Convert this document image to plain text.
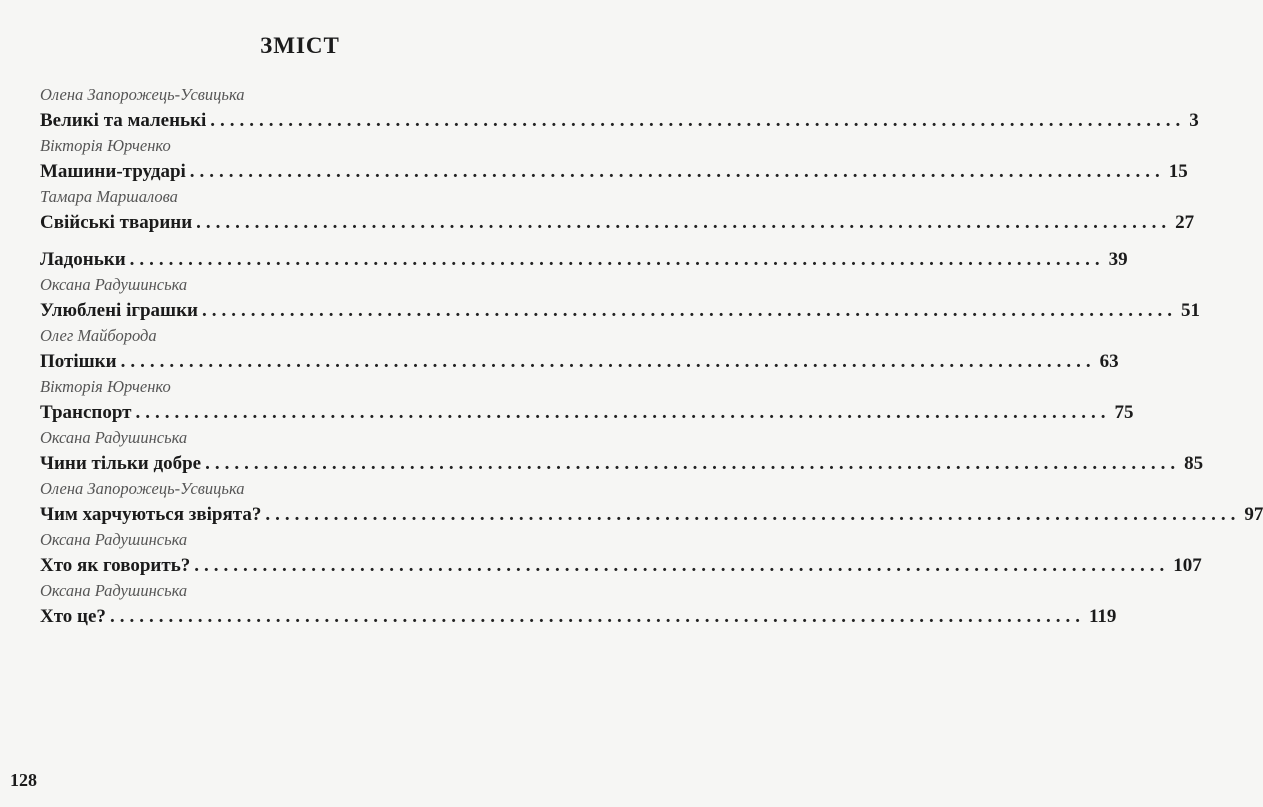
ЗМІСТ
Олена Запорожець-Усвицька
Великі та маленькі .................................................................................................... 3
Вікторія Юрченко
Машини-трударі .................................................................................................... 15
Тамара Маршалова
Свійські тварини .................................................................................................... 27
Ладоньки .................................................................................................... 39
Оксана Радушинська
Улюблені іграшки .................................................................................................... 51
Олег Майборода
Потішки .................................................................................................... 63
Вікторія Юрченко
Транспорт .................................................................................................... 75
Оксана Радушинська
Чини тільки добре .................................................................................................... 85
Олена Запорожець-Усвицька
Чим харчуються звірята? .................................................................................................... 97
Оксана Радушинська
Хто як говорить? .................................................................................................... 107
Оксана Радушинська
Хто це? .................................................................................................... 119
128
